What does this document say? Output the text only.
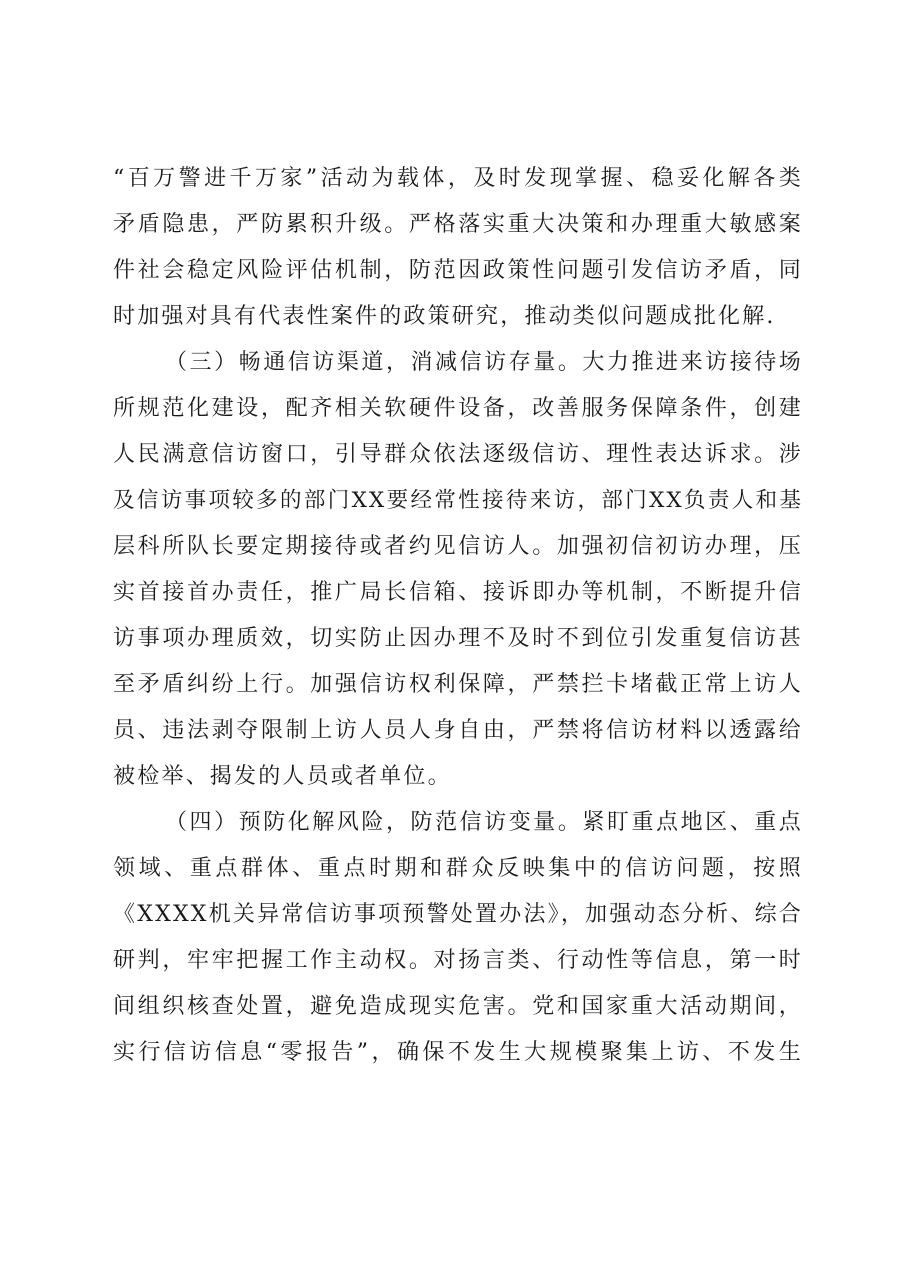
“百万警进千万家”活动为载体，及时发现掌握、稳妥化解各类
矛盾隐患，严防累积升级。严格落实重大决策和办理重大敏感案
件社会稳定风险评估机制，防范因政策性问题引发信访矛盾，同
时加强对具有代表性案件的政策研究，推动类似问题成批化解.
（三）畅通信访渠道，消减信访存量。大力推进来访接待场
所规范化建设，配齐相关软硬件设备，改善服务保障条件，创建
人民满意信访窗口，引导群众依法逐级信访、理性表达诉求。涉
及信访事项较多的部门XX要经常性接待来访，部门XX负责人和基
层科所队长要定期接待或者约见信访人。加强初信初访办理，压
实首接首办责任，推广局长信箱、接诉即办等机制，不断提升信
访事项办理质效，切实防止因办理不及时不到位引发重复信访甚
至矛盾纠纷上行。加强信访权利保障，严禁拦卡堵截正常上访人
员、违法剥夺限制上访人员人身自由，严禁将信访材料以透露给
被检举、揭发的人员或者单位。
（四）预防化解风险，防范信访变量。紧盯重点地区、重点
领域、重点群体、重点时期和群众反映集中的信访问题，按照
《XXXX机关异常信访事项预警处置办法》，加强动态分析、综合
研判，牢牢把握工作主动权。对扬言类、行动性等信息，第一时
间组织核查处置，避免造成现实危害。党和国家重大活动期间，
实行信访信息“零报告”，确保不发生大规模聚集上访、不发生
